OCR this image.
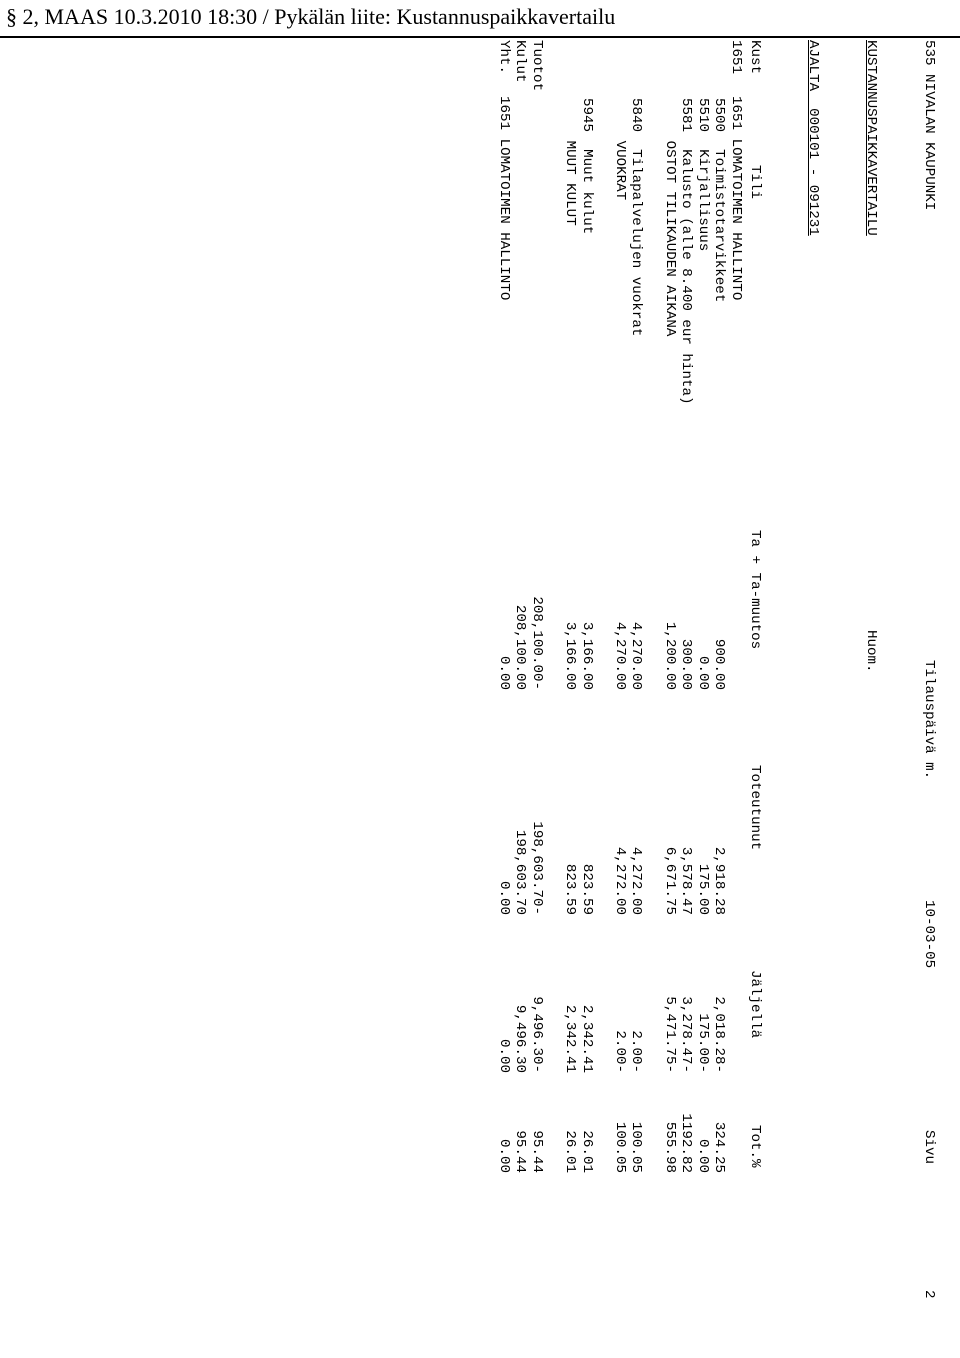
§ 2, MAAS 10.3.2010 18:30 / Pykälän liite: Kustannuspaikkavertailu
535 NIVALAN KAUPUNKI
Tilauspäivä m.
10-03-05
Sivu
2
KUSTANNUSPAIKKAVERTAILU
Huom.
AJALTA  000101 - 091231
Kust
Tili
Ta + Ta-muutos
Toteutunut
Jäljellä
Tot.%
1651
1651 LOMATOIMEN HALLINTO
5500  Toimistotarvikkeet
900.00
2,918.28
2,018.28-
324.25
5510  Kirjallisuus
0.00
175.00
175.00-
0.00
5581  Kalusto (alle 8.400 eur hinta)
300.00
3,578.47
3,278.47-
1192.82
OSTOT TILIKAUDEN AIKANA
1,200.00
6,671.75
5,471.75-
555.98
5840  Tilapalvelujen vuokrat
4,270.00
4,272.00
2.00-
100.05
VUOKRAT
4,270.00
4,272.00
2.00-
100.05
5945  Muut kulut
3,166.00
823.59
2,342.41
26.01
MUUT KULUT
3,166.00
823.59
2,342.41
26.01
Tuotot
208,100.00-
198,603.70-
9,496.30-
95.44
Kulut
208,100.00
198,603.70
9,496.30
95.44
Yht.
1651 LOMATOIMEN HALLINTO
0.00
0.00
0.00
0.00
